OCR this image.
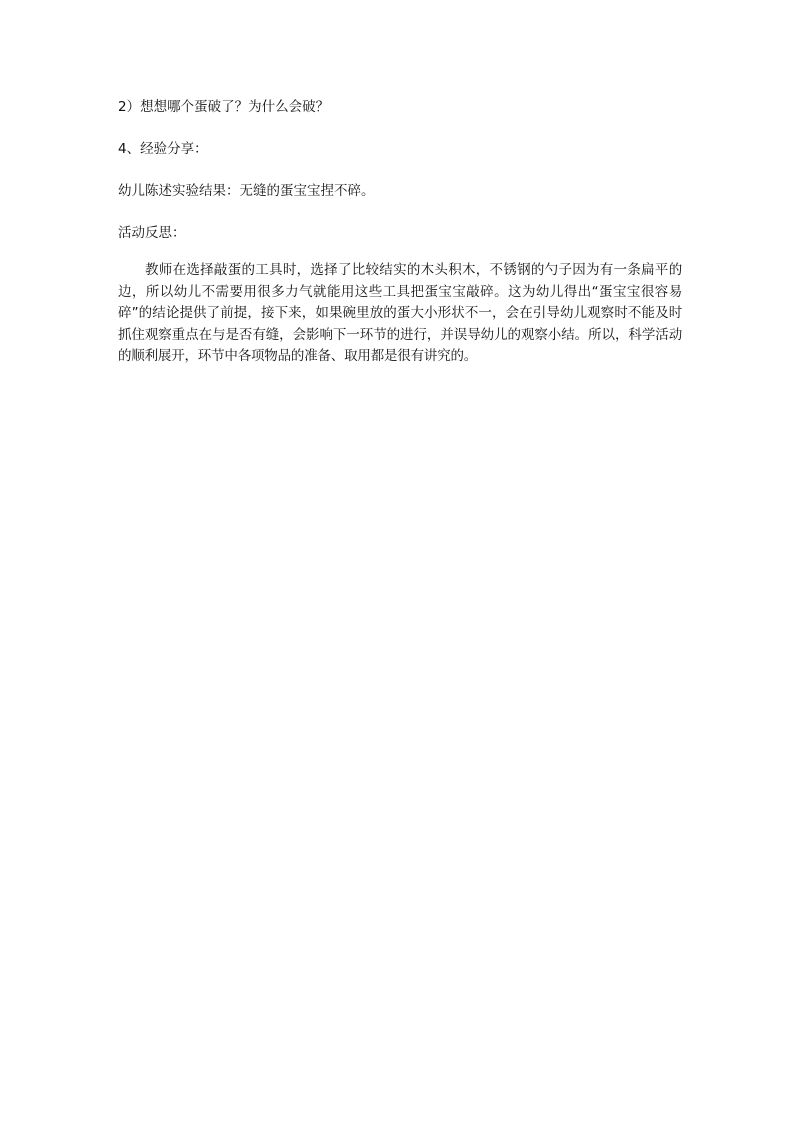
2）想想哪个蛋破了？为什么会破？

4、经验分享：

幼儿陈述实验结果：无缝的蛋宝宝捏不碎。

活动反思：

教师在选择敲蛋的工具时，选择了比较结实的木头积木，不锈钢的勺子因为有一条扁平的边，所以幼儿不需要用很多力气就能用这些工具把蛋宝宝敲碎。这为幼儿得出“蛋宝宝很容易碎”的结论提供了前提，接下来，如果碗里放的蛋大小形状不一，会在引导幼儿观察时不能及时抓住观察重点在与是否有缝，会影响下一环节的进行，并误导幼儿的观察小结。所以，科学活动的顺利展开，环节中各项物品的准备、取用都是很有讲究的。
